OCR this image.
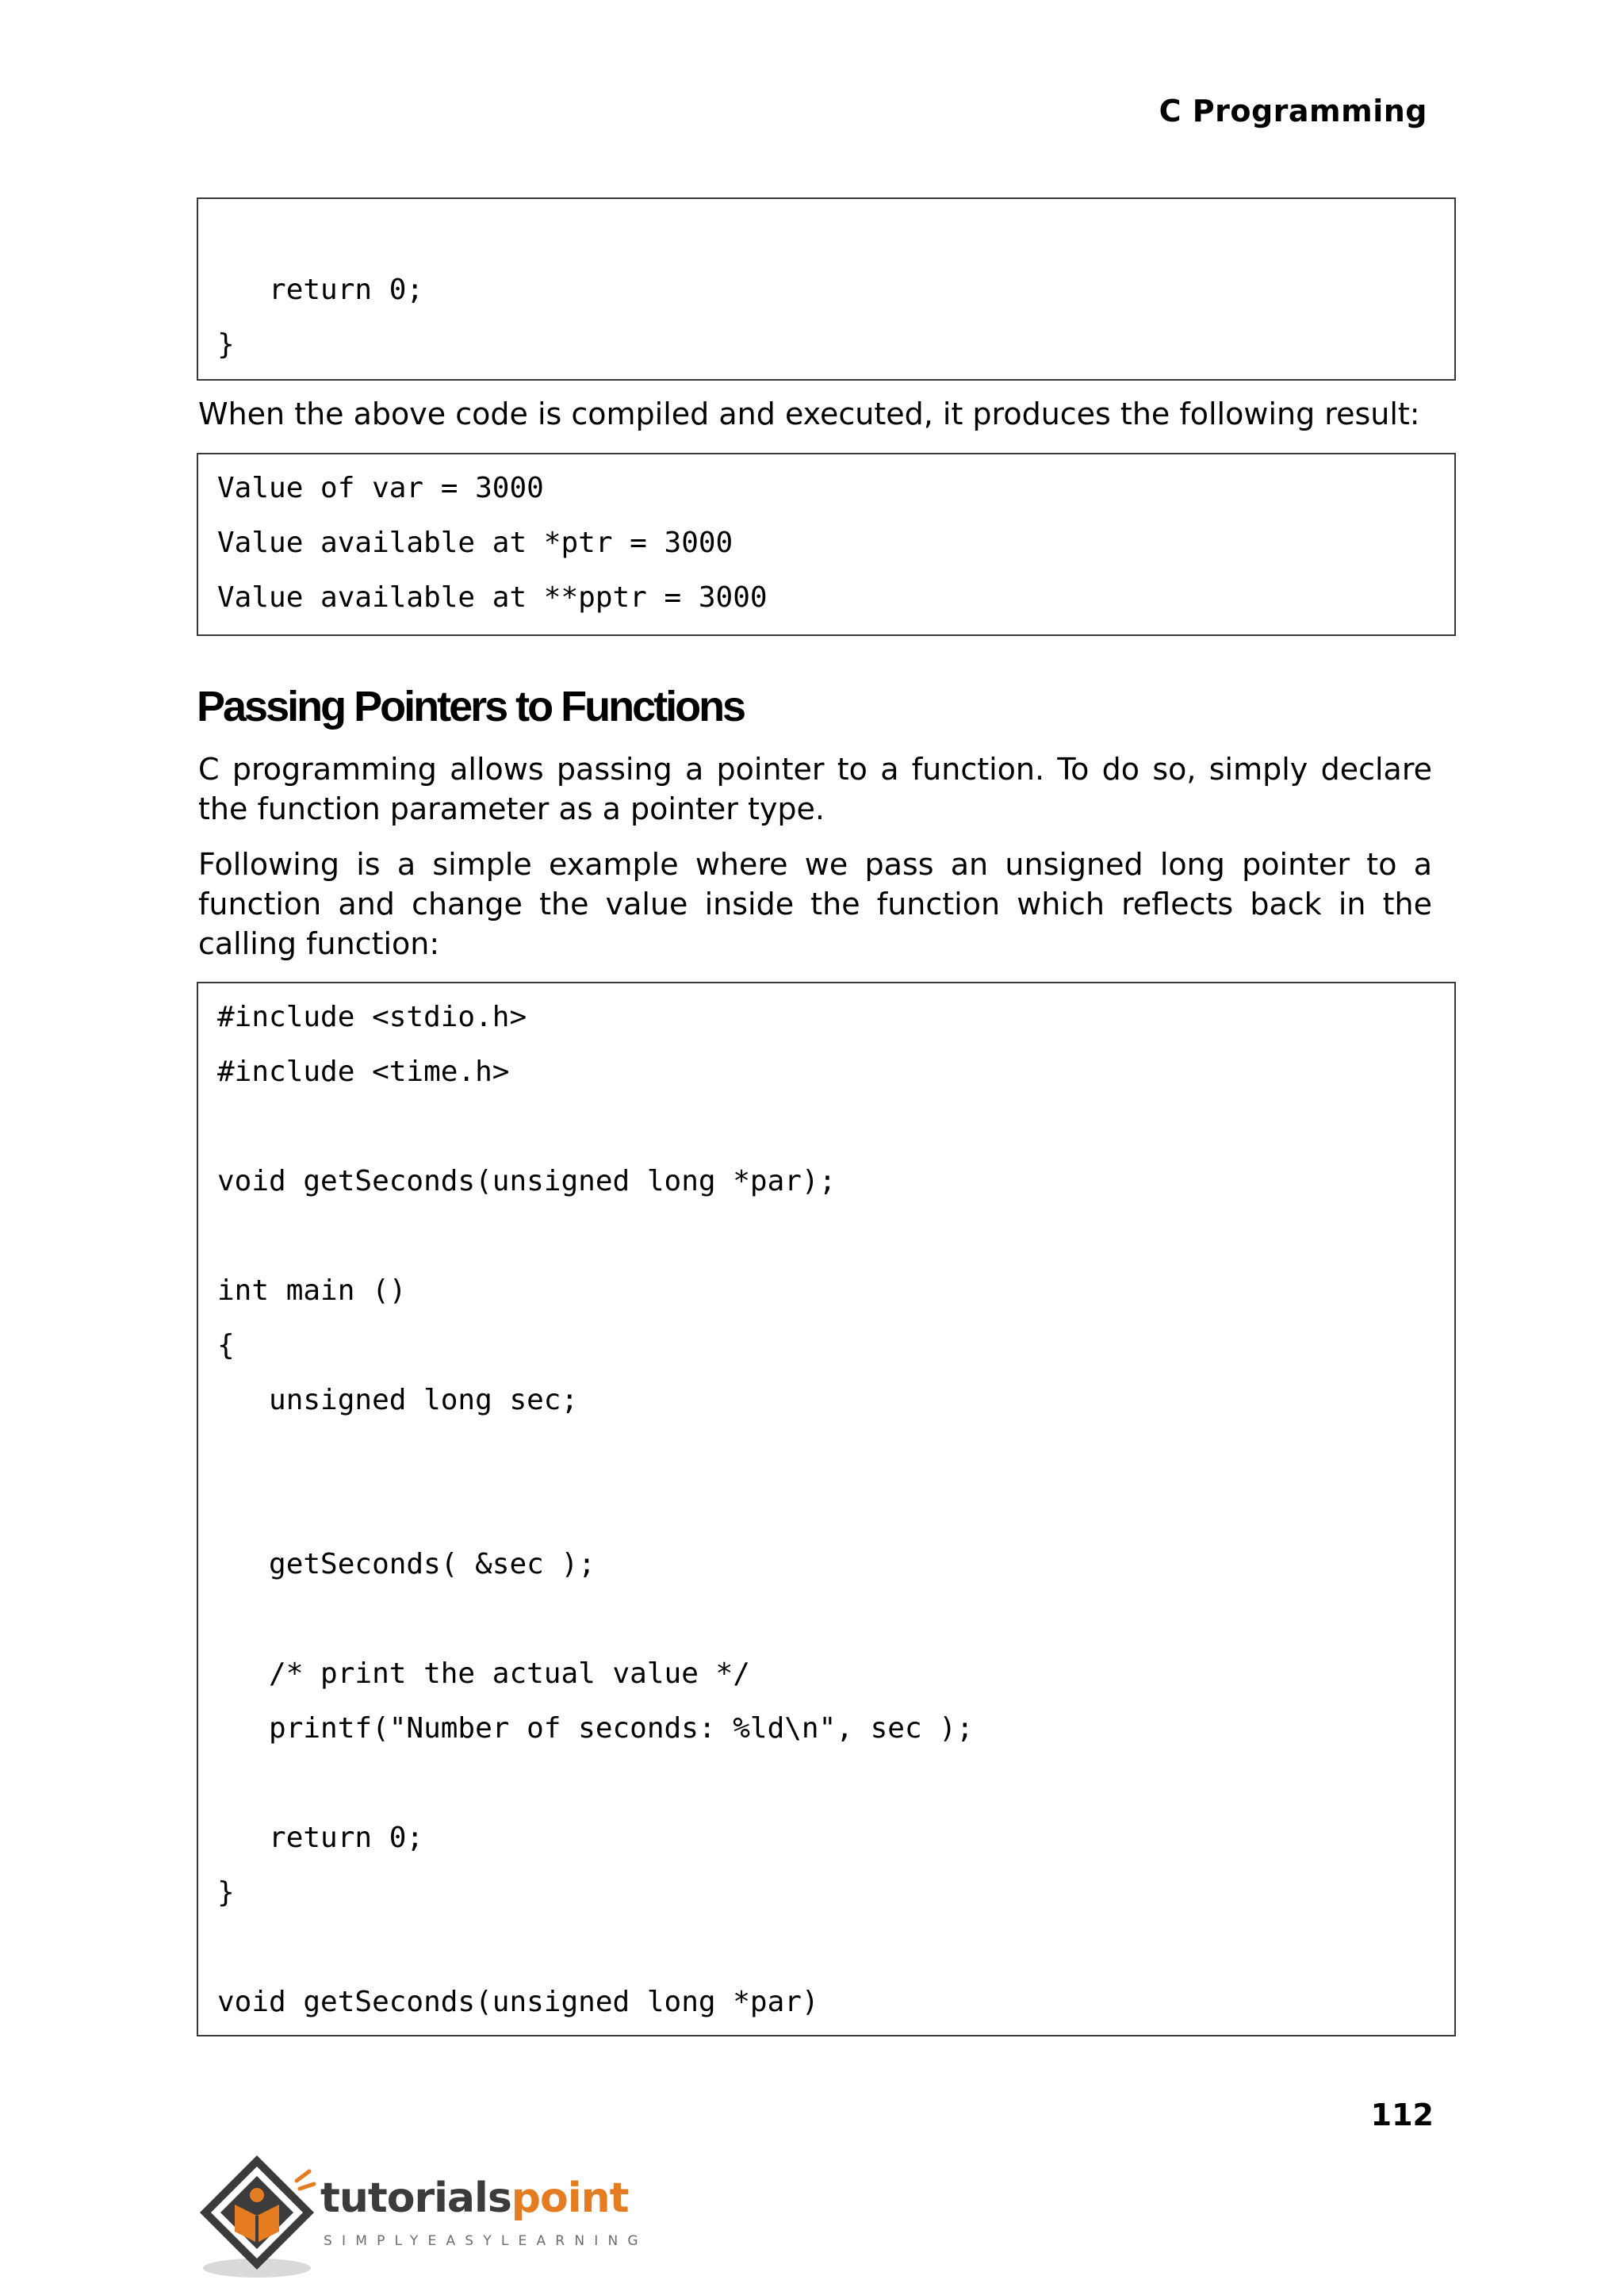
C Programming
return 0;
}
When the above code is compiled and executed, it produces the following result:
Value of var = 3000
Value available at *ptr = 3000
Value available at **pptr = 3000
Passing Pointers to Functions
C programming allows passing a pointer to a function. To do so, simply declare the function parameter as a pointer type.
Following is a simple example where we pass an unsigned long pointer to a function and change the value inside the function which reflects back in the calling function:
#include <stdio.h>
#include <time.h>
void getSeconds(unsigned long *par);
int main ()
{
unsigned long sec;
getSeconds( &sec );
/* print the actual value */
printf("Number of seconds: %ld\n", sec );
return 0;
}
void getSeconds(unsigned long *par)
112
tutorialspoint
SIMPLYEASYLEARNING
